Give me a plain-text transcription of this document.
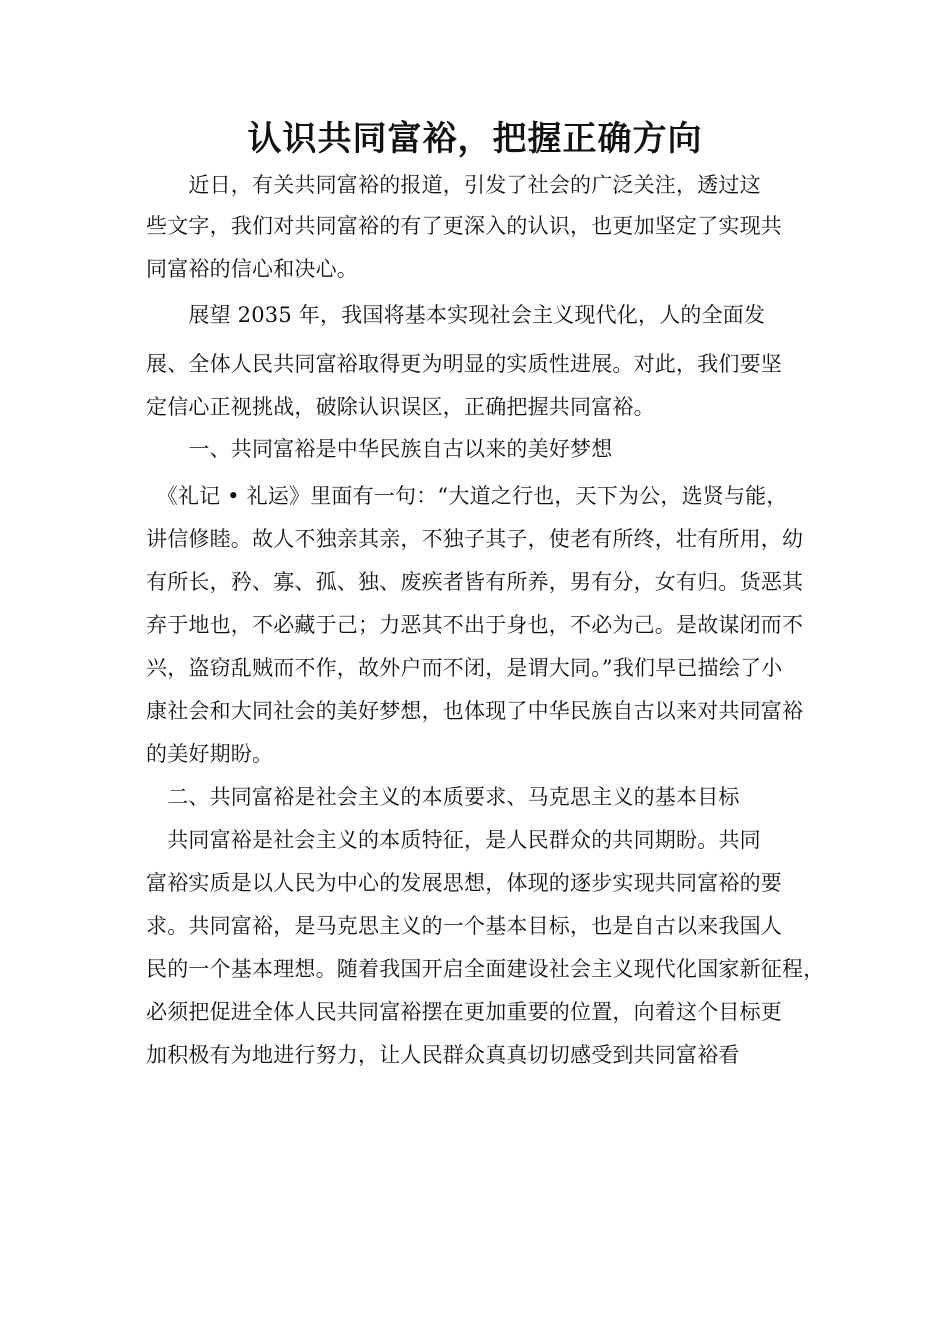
认识共同富裕，把握正确方向
　　近日，有关共同富裕的报道，引发了社会的广泛关注，透过这
些文字，我们对共同富裕的有了更深入的认识，也更加坚定了实现共
同富裕的信心和决心。
　　展望 2035 年，我国将基本实现社会主义现代化，人的全面发
展、全体人民共同富裕取得更为明显的实质性进展。对此，我们要坚
定信心正视挑战，破除认识误区，正确把握共同富裕。
　　一、共同富裕是中华民族自古以来的美好梦想
　《礼记 • 礼运》里面有一句：“大道之行也，天下为公，选贤与能，
讲信修睦。故人不独亲其亲，不独子其子，使老有所终，壮有所用，幼
有所长，矜、寡、孤、独、废疾者皆有所养，男有分，女有归。货恶其
弃于地也，不必藏于己；力恶其不出于身也，不必为己。是故谋闭而不
兴，盗窃乱贼而不作，故外户而不闭，是谓大同。”我们早已描绘了小
康社会和大同社会的美好梦想，也体现了中华民族自古以来对共同富裕
的美好期盼。
　二、共同富裕是社会主义的本质要求、马克思主义的基本目标
　共同富裕是社会主义的本质特征，是人民群众的共同期盼。共同
富裕实质是以人民为中心的发展思想，体现的逐步实现共同富裕的要
求。共同富裕，是马克思主义的一个基本目标，也是自古以来我国人
民的一个基本理想。随着我国开启全面建设社会主义现代化国家新征程，
必须把促进全体人民共同富裕摆在更加重要的位置，向着这个目标更
加积极有为地进行努力，让人民群众真真切切感受到共同富裕看
